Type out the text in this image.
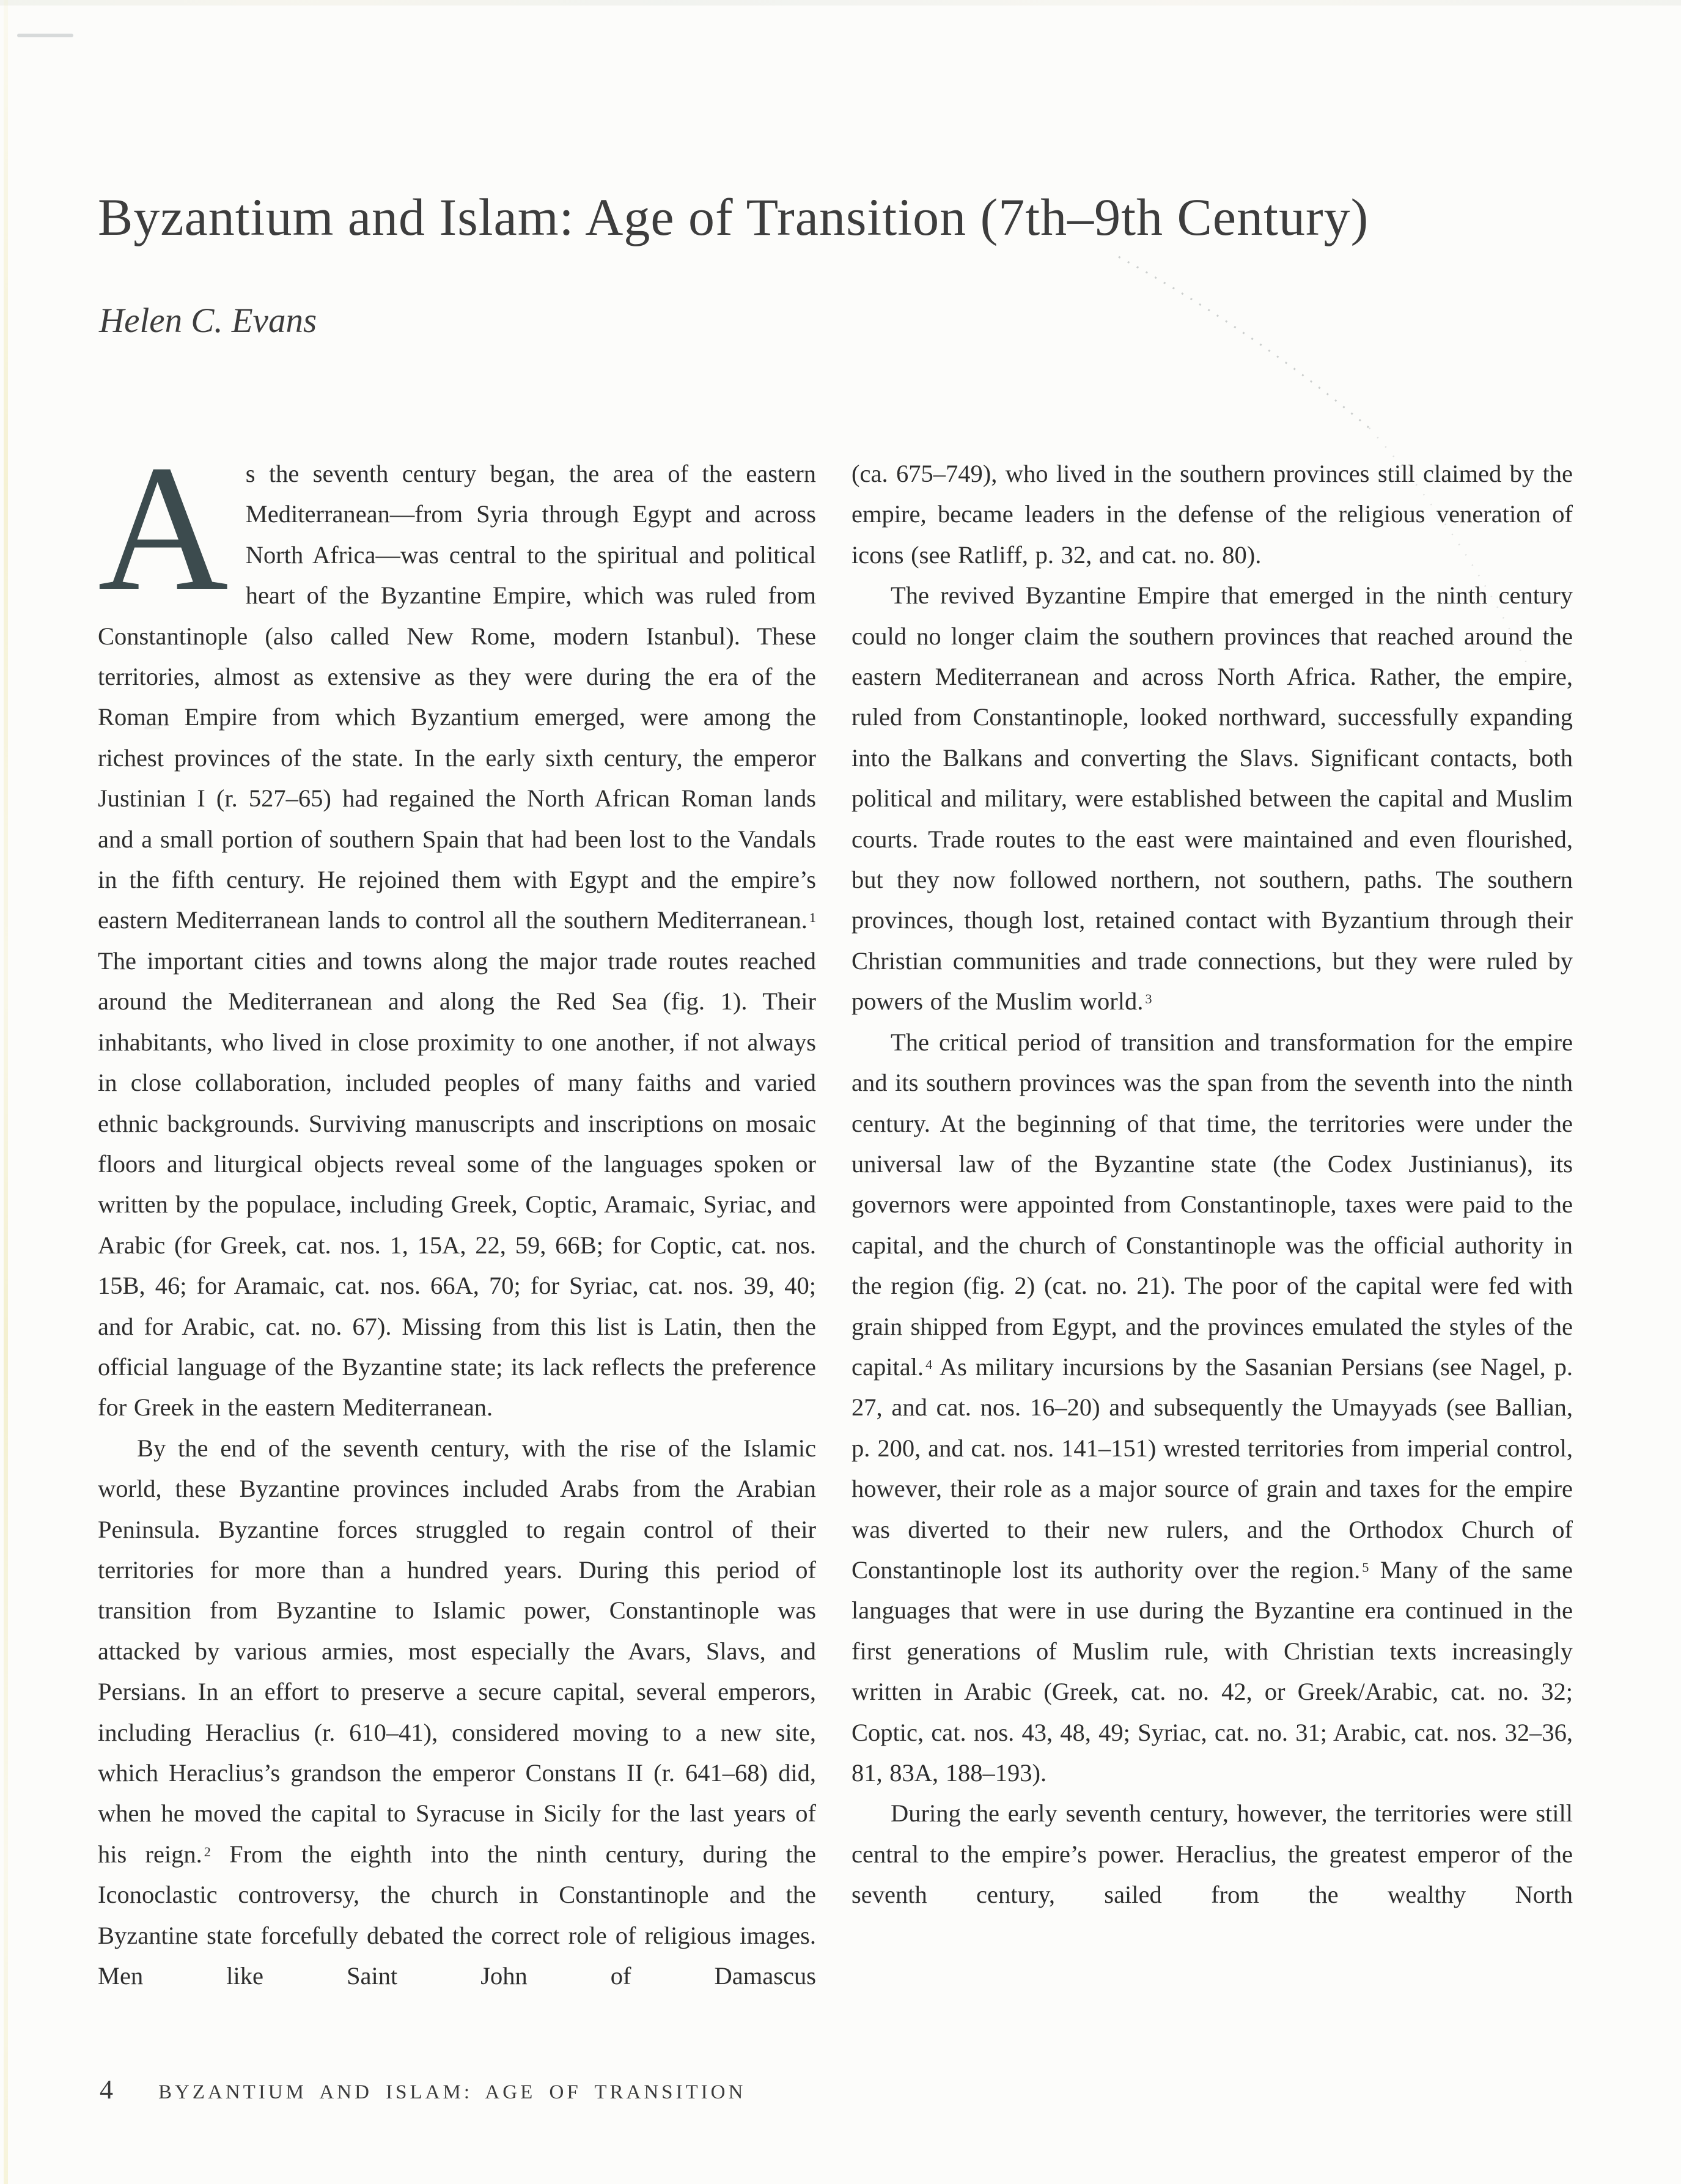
Byzantium and Islam: Age of Transition (7th–9th Century)
Helen C. Evans

As the seventh century began, the area of the eastern Mediterranean—from Syria through Egypt and across North Africa—was central to the spiritual and political heart of the Byzantine Empire, which was ruled from Constantinople (also called New Rome, modern Istanbul). These territories, almost as extensive as they were during the era of the Roman Empire from which Byzantium emerged, were among the richest provinces of the state. In the early sixth century, the emperor Justinian I (r. 527–65) had regained the North African Roman lands and a small portion of southern Spain that had been lost to the Vandals in the fifth century. He rejoined them with Egypt and the empire’s eastern Mediterranean lands to control all the southern Mediterranean. $^1$ The important cities and towns along the major trade routes reached around the Mediterranean and along the Red Sea (fig. 1). Their inhabitants, who lived in close proximity to one another, if not always in close collaboration, included peoples of many faiths and varied ethnic backgrounds. Surviving manuscripts and inscriptions on mosaic floors and liturgical objects reveal some of the languages spoken or written by the populace, including Greek, Coptic, Aramaic, Syriac, and Arabic (for Greek, cat. nos. 1, 15A, 22, 59, 66B; for Coptic, cat. nos. 15B, 46; for Aramaic, cat. nos. 66A, 70; for Syriac, cat. nos. 39, 40; and for Arabic, cat. no. 67). Missing from this list is Latin, then the official language of the Byzantine state; its lack reflects the preference for Greek in the eastern Mediterranean.

By the end of the seventh century, with the rise of the Islamic world, these Byzantine provinces included Arabs from the Arabian Peninsula. Byzantine forces struggled to regain control of their territories for more than a hundred years. During this period of transition from Byzantine to Islamic power, Constantinople was attacked by various armies, most especially the Avars, Slavs, and Persians. In an effort to preserve a secure capital, several emperors, including Heraclius (r. 610–41), considered moving to a new site, which Heraclius’s grandson the emperor Constans II (r. 641–68) did, when he moved the capital to Syracuse in Sicily for the last years of his reign. $^2$ From the eighth into the ninth century, during the Iconoclastic controversy, the church in Constantinople and the Byzantine state forcefully debated the correct role of religious images. Men like Saint John of Damascus

(ca. 675–749), who lived in the southern provinces still claimed by the empire, became leaders in the defense of the religious veneration of icons (see Ratliff, p. 32, and cat. no. 80).

The revived Byzantine Empire that emerged in the ninth century could no longer claim the southern provinces that reached around the eastern Mediterranean and across North Africa. Rather, the empire, ruled from Constantinople, looked northward, successfully expanding into the Balkans and converting the Slavs. Significant contacts, both political and military, were established between the capital and Muslim courts. Trade routes to the east were maintained and even flourished, but they now followed northern, not southern, paths. The southern provinces, though lost, retained contact with Byzantium through their Christian communities and trade connections, but they were ruled by powers of the Muslim world. $^3$

The critical period of transition and transformation for the empire and its southern provinces was the span from the seventh into the ninth century. At the beginning of that time, the territories were under the universal law of the Byzantine state (the Codex Justinianus), its governors were appointed from Constantinople, taxes were paid to the capital, and the church of Constantinople was the official authority in the region (fig. 2) (cat. no. 21). The poor of the capital were fed with grain shipped from Egypt, and the provinces emulated the styles of the capital. $^4$ As military incursions by the Sasanian Persians (see Nagel, p. 27, and cat. nos. 16–20) and subsequently the Umayyads (see Ballian, p. 200, and cat. nos. 141–151) wrested territories from imperial control, however, their role as a major source of grain and taxes for the empire was diverted to their new rulers, and the Orthodox Church of Constantinople lost its authority over the region. $^5$ Many of the same languages that were in use during the Byzantine era continued in the first generations of Muslim rule, with Christian texts increasingly written in Arabic (Greek, cat. no. 42, or Greek/Arabic, cat. no. 32; Coptic, cat. nos. 43, 48, 49; Syriac, cat. no. 31; Arabic, cat. nos. 32–36, 81, 83A, 188–193).

During the early seventh century, however, the territories were still central to the empire’s power. Heraclius, the greatest emperor of the seventh century, sailed from the wealthy North

4 BYZANTIUM AND ISLAM: AGE OF TRANSITION
